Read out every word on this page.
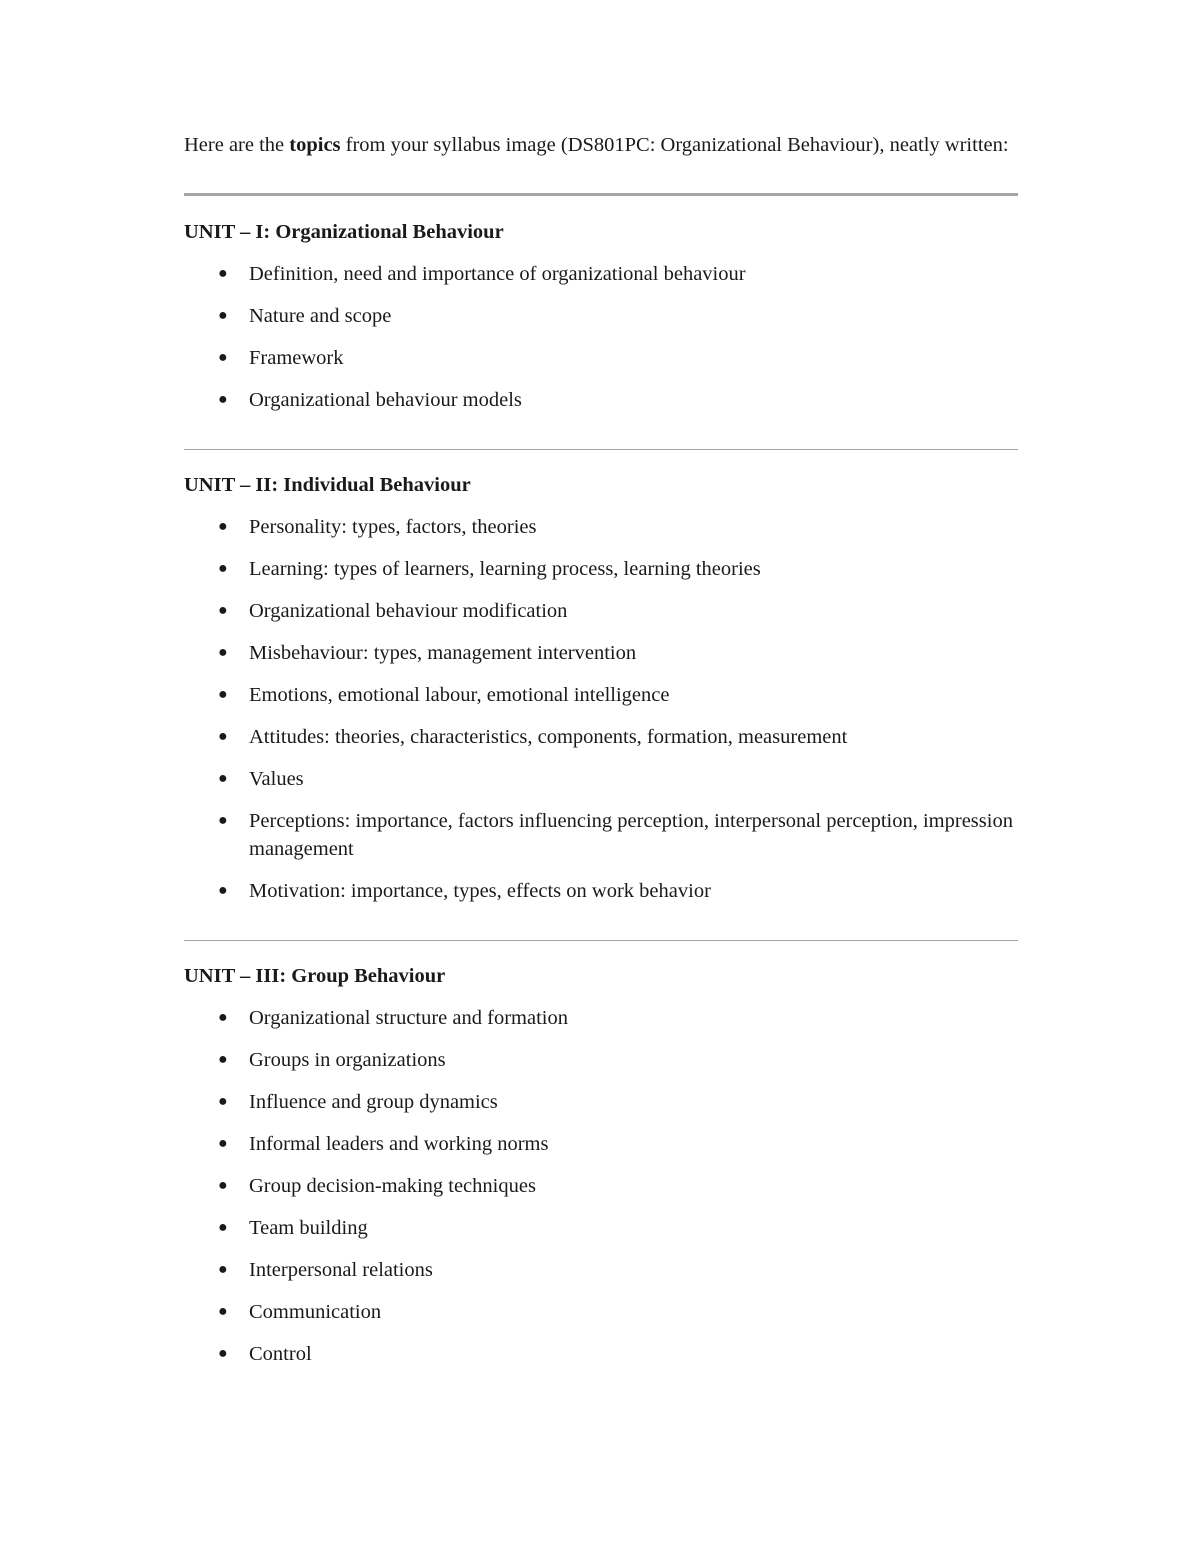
Here are the topics from your syllabus image (DS801PC: Organizational Behaviour), neatly written:

UNIT – I: Organizational Behaviour
● Definition, need and importance of organizational behaviour
● Nature and scope
● Framework
● Organizational behaviour models
UNIT – II: Individual Behaviour
● Personality: types, factors, theories
● Learning: types of learners, learning process, learning theories
● Organizational behaviour modification
● Misbehaviour: types, management intervention
● Emotions, emotional labour, emotional intelligence
● Attitudes: theories, characteristics, components, formation, measurement
● Values
● Perceptions: importance, factors influencing perception, interpersonal perception, impression management
● Motivation: importance, types, effects on work behavior
UNIT – III: Group Behaviour
● Organizational structure and formation
● Groups in organizations
● Influence and group dynamics
● Informal leaders and working norms
● Group decision-making techniques
● Team building
● Interpersonal relations
● Communication
● Control
